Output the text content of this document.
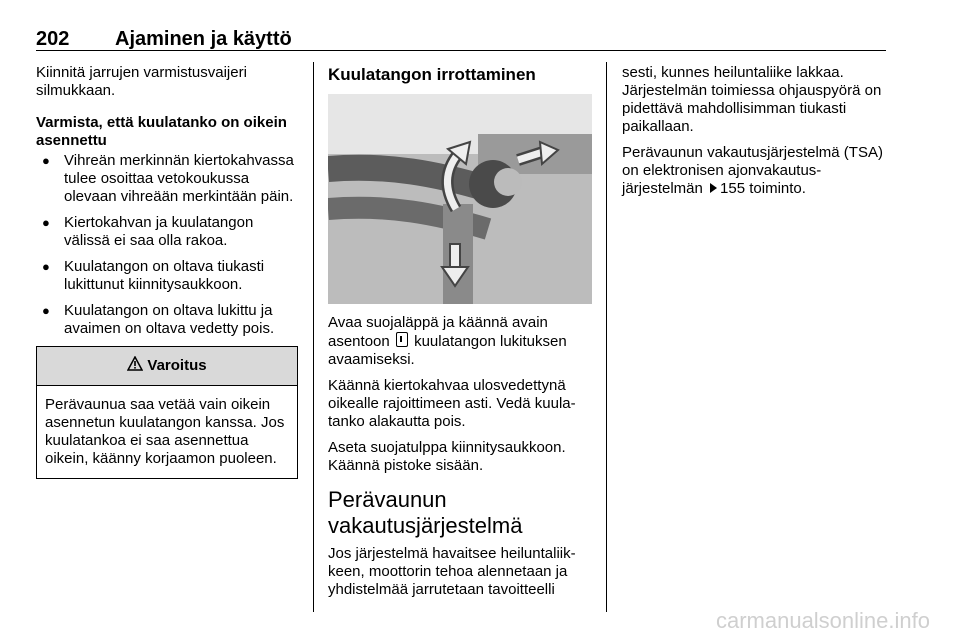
202 Ajaminen ja käyttö

Kiinnitä jarrujen varmistusvaijeri silmukkaan.

Varmista, että kuulatanko on oikein asennettu

● Vihreän merkinnän kiertokahvassa tulee osoittaa vetokoukussa olevaan vihreään merkintään päin.
● Kiertokahvan ja kuulatangon välissä ei saa olla rakoa.
● Kuulatangon on oltava tiukasti lukittunut kiinnitysaukkoon.
● Kuulatangon on oltava lukittu ja avaimen on oltava vedetty pois.
Varoitus
Perävaunua saa vetää vain oikein asennetun kuulatangon kanssa. Jos kuulatankoa ei saa asennettua oikein, käänny korjaamon puoleen.

Kuulatangon irrottaminen

Avaa suojaläppä ja käännä avain asentoon kuulatangon lukituksen avaamiseksi.

Käännä kiertokahvaa ulosvedettynä oikealle rajoittimeen asti. Vedä kuulatanko alakautta pois.

Aseta suojatulppa kiinnitysaukkoon. Käännä pistoke sisään.

Perävaunun
vakautusjärjestelmä

Jos järjestelmä havaitsee heiluntaliikkeen, moottorin tehoa alennetaan ja yhdistelmää jarrutetaan tavoitteelli

sesti, kunnes heiluntaliike lakkaa. Järjestelmän toimiessa ohjauspyörä on pidettävä mahdollisimman tiukasti paikallaan.

Perävaunun vakautusjärjestelmä (TSA) on elektronisen ajonvakautusjärjestelmän 155 toiminto.

carmanualsonline.info
